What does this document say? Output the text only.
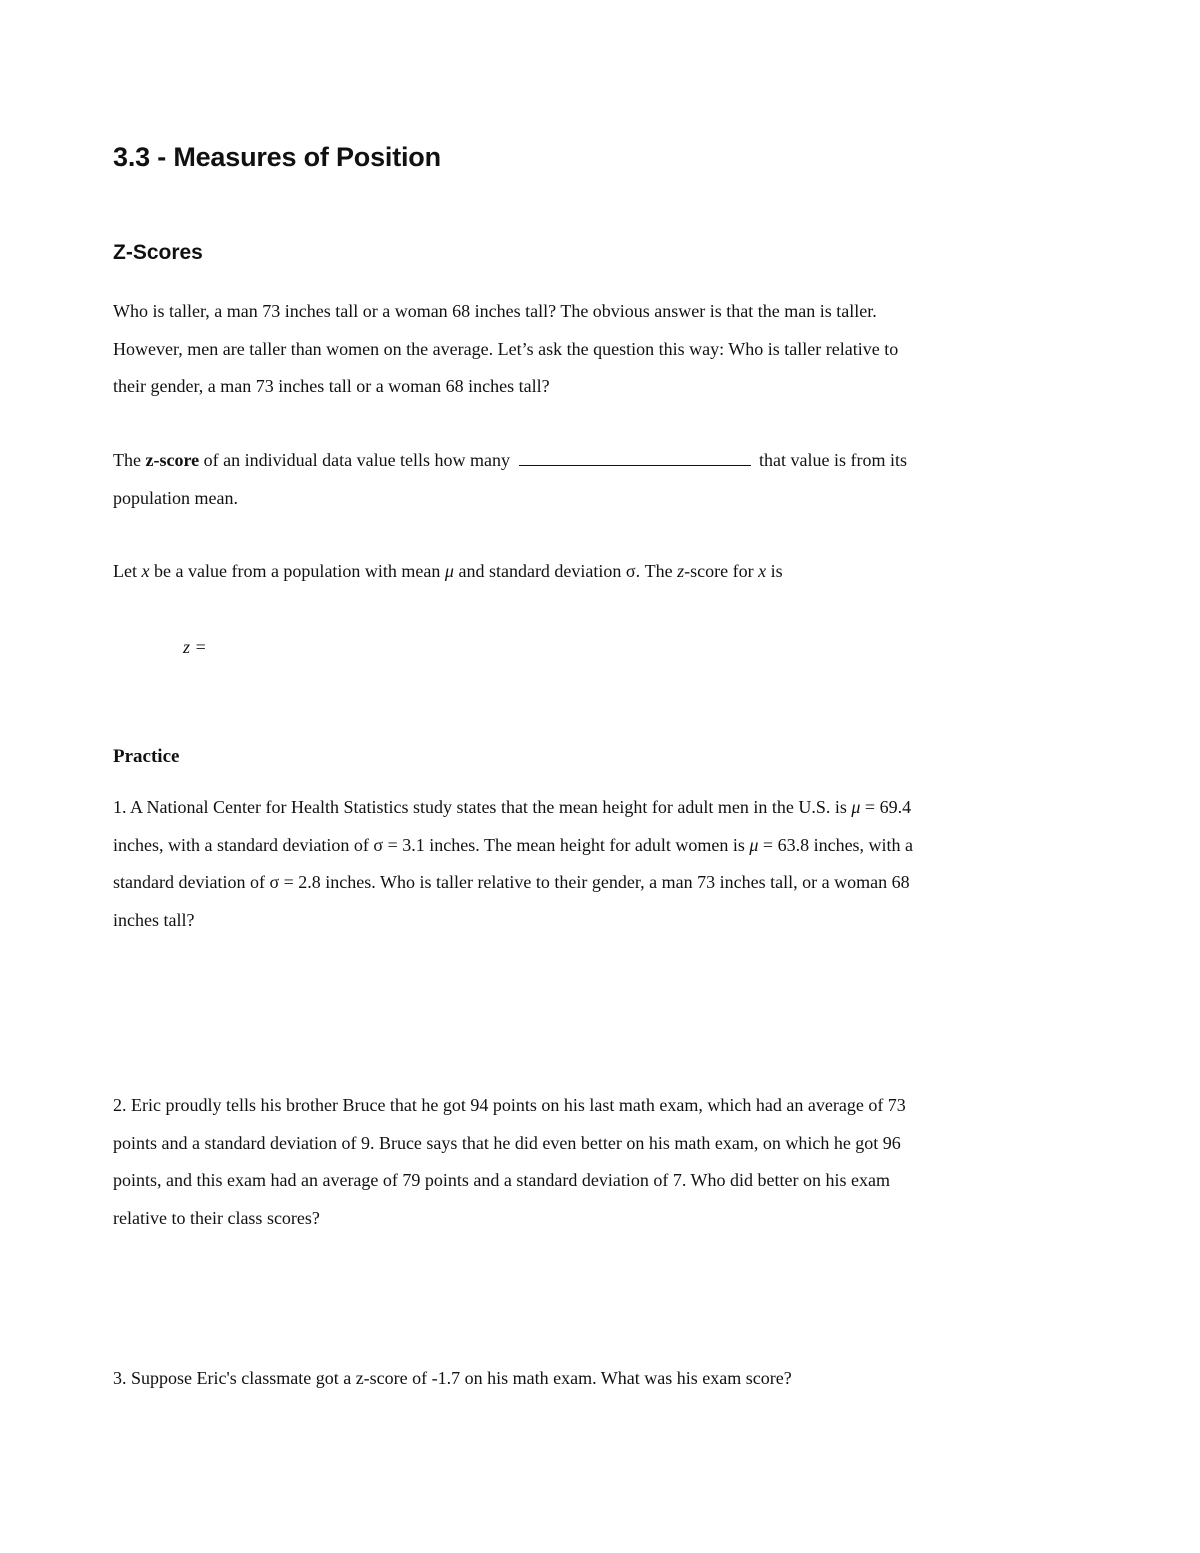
3.3 - Measures of Position
Z-Scores

Who is taller, a man 73 inches tall or a woman 68 inches tall? The obvious answer is that the man is taller.

However, men are taller than women on the average. Let’s ask the question this way: Who is taller relative to

their gender, a man 73 inches tall or a woman 68 inches tall?

The z-score of an individual data value tells how many	that value is from its

population mean.

Let x be a value from a population with mean μ and standard deviation σ. The z-score for x is

z =
Practice

1. A National Center for Health Statistics study states that the mean height for adult men in the U.S. is μ = 69.4

inches, with a standard deviation of σ = 3.1 inches. The mean height for adult women is μ = 63.8 inches, with a

standard deviation of σ = 2.8 inches. Who is taller relative to their gender, a man 73 inches tall, or a woman 68

inches tall?

2. Eric proudly tells his brother Bruce that he got 94 points on his last math exam, which had an average of 73

points and a standard deviation of 9. Bruce says that he did even better on his math exam, on which he got 96

points, and this exam had an average of 79 points and a standard deviation of 7. Who did better on his exam

relative to their class scores?

3. Suppose Eric's classmate got a z-score of -1.7 on his math exam. What was his exam score?
